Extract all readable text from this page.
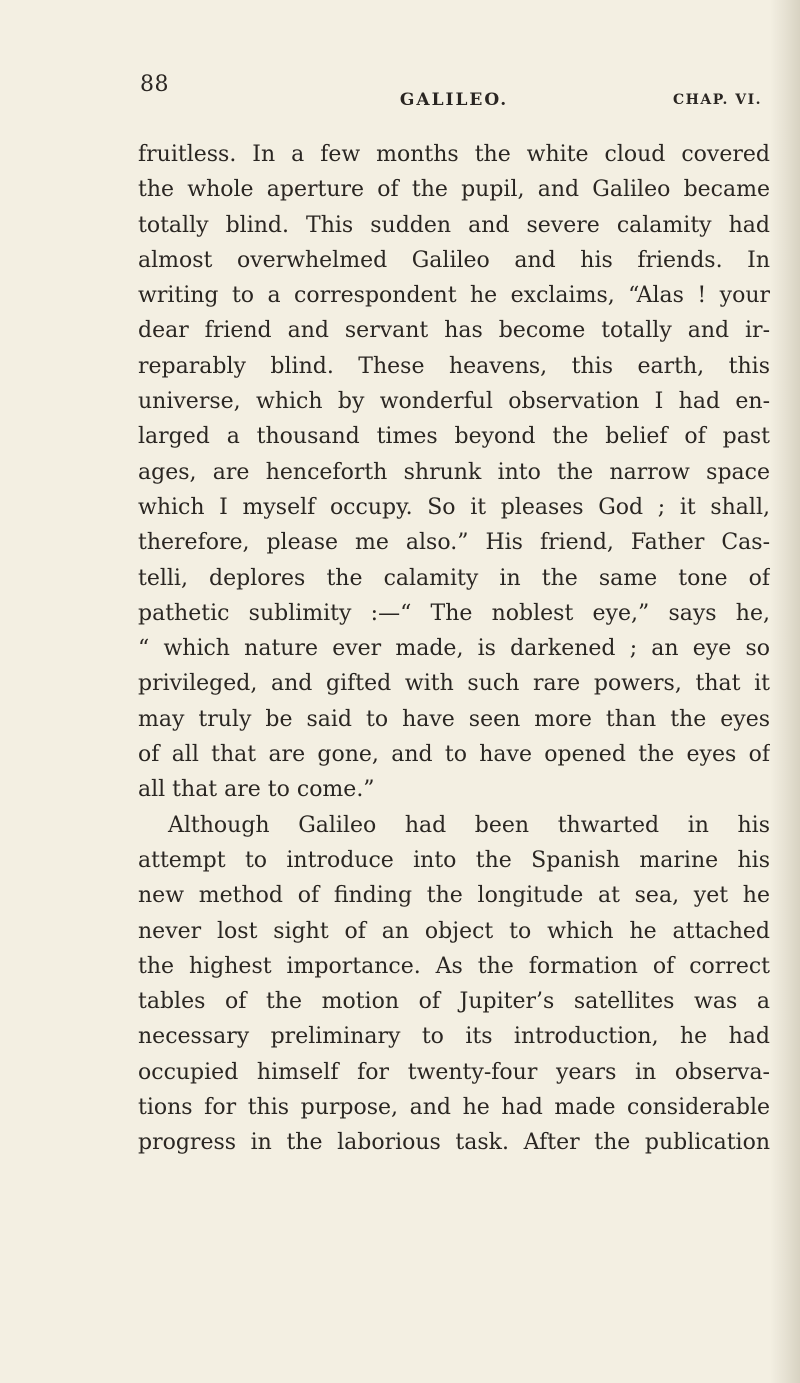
88
GALILEO.	CHAP. VI.
fruitless. In a few months the white cloud covered
the whole aperture of the pupil, and Galileo became
totally blind. This sudden and severe calamity had
almost overwhelmed Galileo and his friends. In
writing to a correspondent he exclaims, “Alas ! your
dear friend and servant has become totally and ir-
reparably blind. These heavens, this earth, this
universe, which by wonderful observation I had en-
larged a thousand times beyond the belief of past
ages, are henceforth shrunk into the narrow space
which I myself occupy. So it pleases God ; it shall,
therefore, please me also.” His friend, Father Cas-
telli, deplores the calamity in the same tone of
pathetic sublimity :—“ The noblest eye,” says he,
“ which nature ever made, is darkened ; an eye so
privileged, and gifted with such rare powers, that it
may truly be said to have seen more than the eyes
of all that are gone, and to have opened the eyes of
all that are to come.”
Although Galileo had been thwarted in his
attempt to introduce into the Spanish marine his
new method of finding the longitude at sea, yet he
never lost sight of an object to which he attached
the highest importance. As the formation of correct
tables of the motion of Jupiter’s satellites was a
necessary preliminary to its introduction, he had
occupied himself for twenty-four years in observa-
tions for this purpose, and he had made considerable
progress in the laborious task. After the publication
